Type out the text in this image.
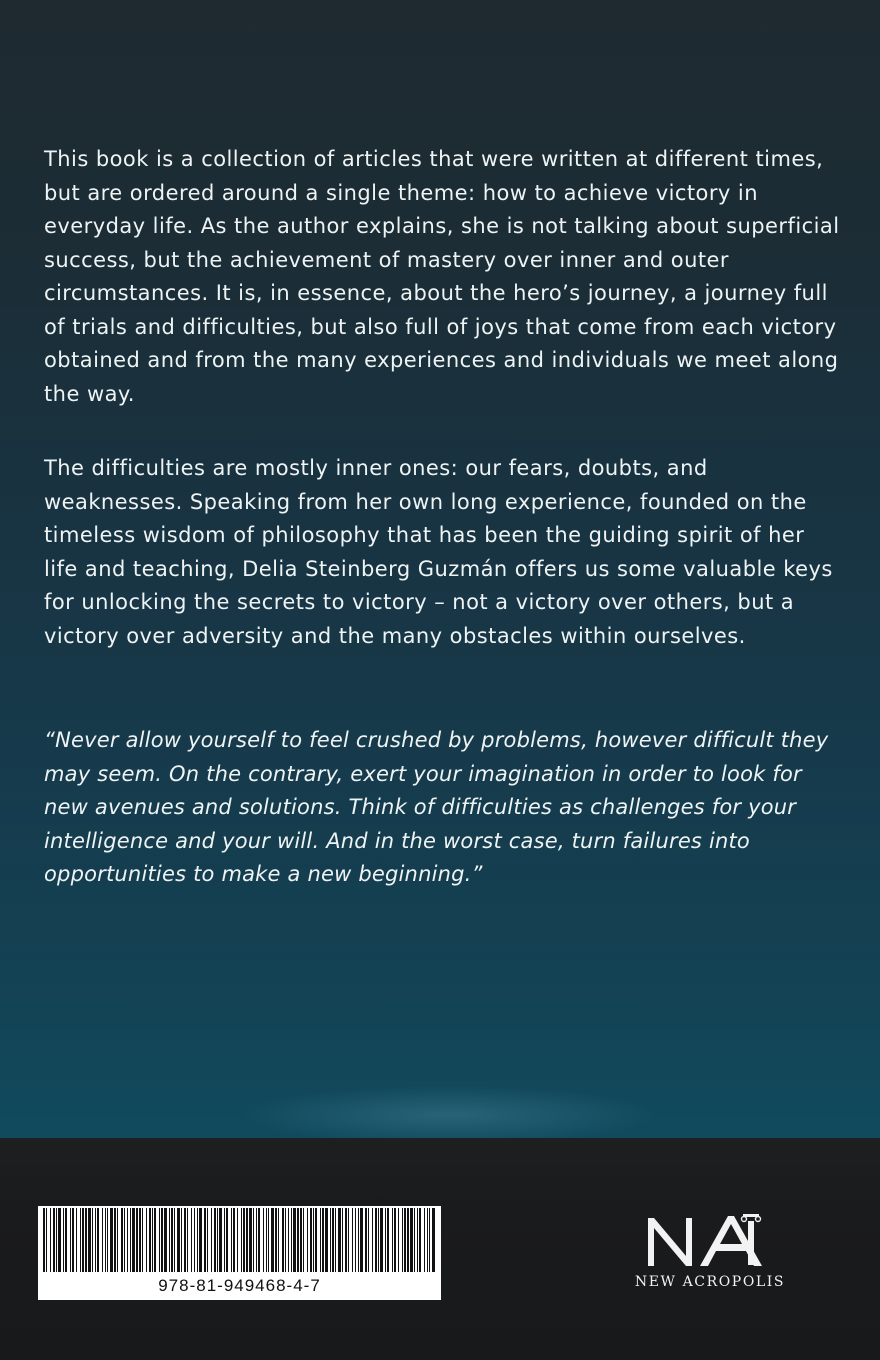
This book is a collection of articles that were written at different times, but are ordered around a single theme: how to achieve victory in everyday life. As the author explains, she is not talking about superficial success, but the achievement of mastery over inner and outer circumstances. It is, in essence, about the hero’s journey, a journey full of trials and difficulties, but also full of joys that come from each victory obtained and from the many experiences and individuals we meet along the way.

The difficulties are mostly inner ones: our fears, doubts, and weaknesses. Speaking from her own long experience, founded on the timeless wisdom of philosophy that has been the guiding spirit of her life and teaching, Delia Steinberg Guzmán offers us some valuable keys for unlocking the secrets to victory – not a victory over others, but a victory over adversity and the many obstacles within ourselves.

“Never allow yourself to feel crushed by problems, however difficult they may seem. On the contrary, exert your imagination in order to look for new avenues and solutions. Think of difficulties as challenges for your intelligence and your will. And in the worst case, turn failures into opportunities to make a new beginning.”

978-81-949468-4-7	NEW ACROPOLIS
